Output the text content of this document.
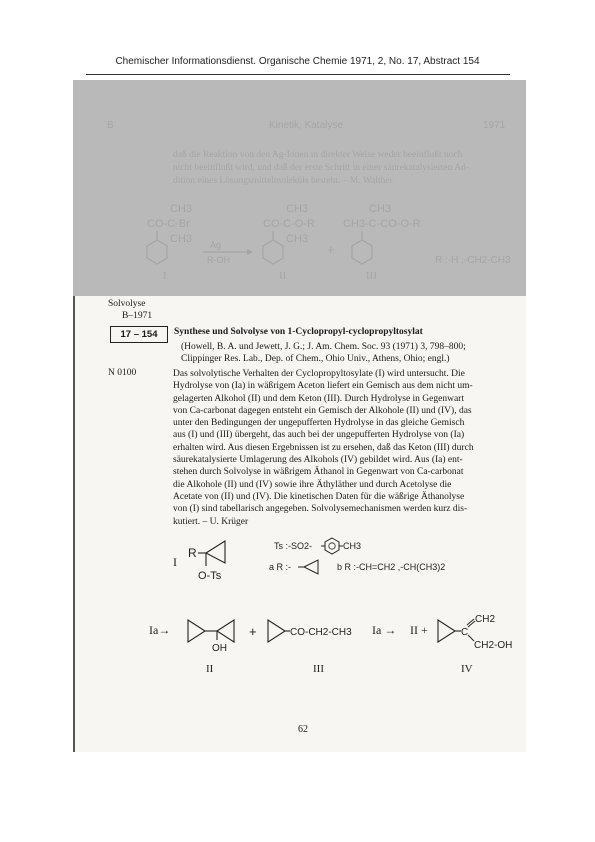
Chemischer Informationsdienst. Organische Chemie 1971, 2, No. 17, Abstract 154
B	Kinetik, Katalyse	1971
daß die Reaktion von den Ag-Ionen in direkter Weise weder beeinflußt noch
nicht beeinflußt wird, und daß der erste Schritt in einer säurekatalysierten Ad-
dition eines Lösungsmittelmoleküls besteht. – M. Walther
CH3
CO-C-Br
CH3
I
Ag
R-OH
CH3
CO-C-O-R
CH3
II
+
CH3
CH3-C-CO-O-R
III
R :-H ,-CH2-CH3
Solvolyse
B–1971
17 – 154	Synthese und Solvolyse von 1-Cyclopropyl-cyclopropyltosylat
(Howell, B. A. und Jewett, J. G.; J. Am. Chem. Soc. 93 (1971) 3, 798–800;
Clippinger Res. Lab., Dep. of Chem., Ohio Univ., Athens, Ohio; engl.)
N 0100	Das solvolytische Verhalten der Cyclopropyltosylate (I) wird untersucht. Die
Hydrolyse von (Ia) in wäßrigem Aceton liefert ein Gemisch aus dem nicht um-
gelagerten Alkohol (II) und dem Keton (III). Durch Hydrolyse in Gegenwart
von Ca-carbonat dagegen entsteht ein Gemisch der Alkohole (II) und (IV), das
unter den Bedingungen der ungepufferten Hydrolyse in das gleiche Gemisch
aus (I) und (III) übergeht, das auch bei der ungepufferten Hydrolyse von (Ia)
erhalten wird. Aus diesen Ergebnissen ist zu ersehen, daß das Keton (III) durch
säurekatalysierte Umlagerung des Alkohols (IV) gebildet wird. Aus (Ia) ent-
stehen durch Solvolyse in wäßrigem Äthanol in Gegenwart von Ca-carbonat
die Alkohole (II) und (IV) sowie ihre Äthyläther und durch Acetolyse die
Acetate von (II) und (IV). Die kinetischen Daten für die wäßrige Äthanolyse
von (I) sind tabellarisch angegeben. Solvolysemechanismen werden kurz dis-
kutiert. – U. Krüger
I
R
O-Ts
Ts :-SO2-	CH3
a R :-	b R :-CH=CH2 ,-CH(CH3)2
Ia→
OH
II
+	CO-CH2-CH3
III
Ia → II +	C
CH2
CH2-OH
IV
62
